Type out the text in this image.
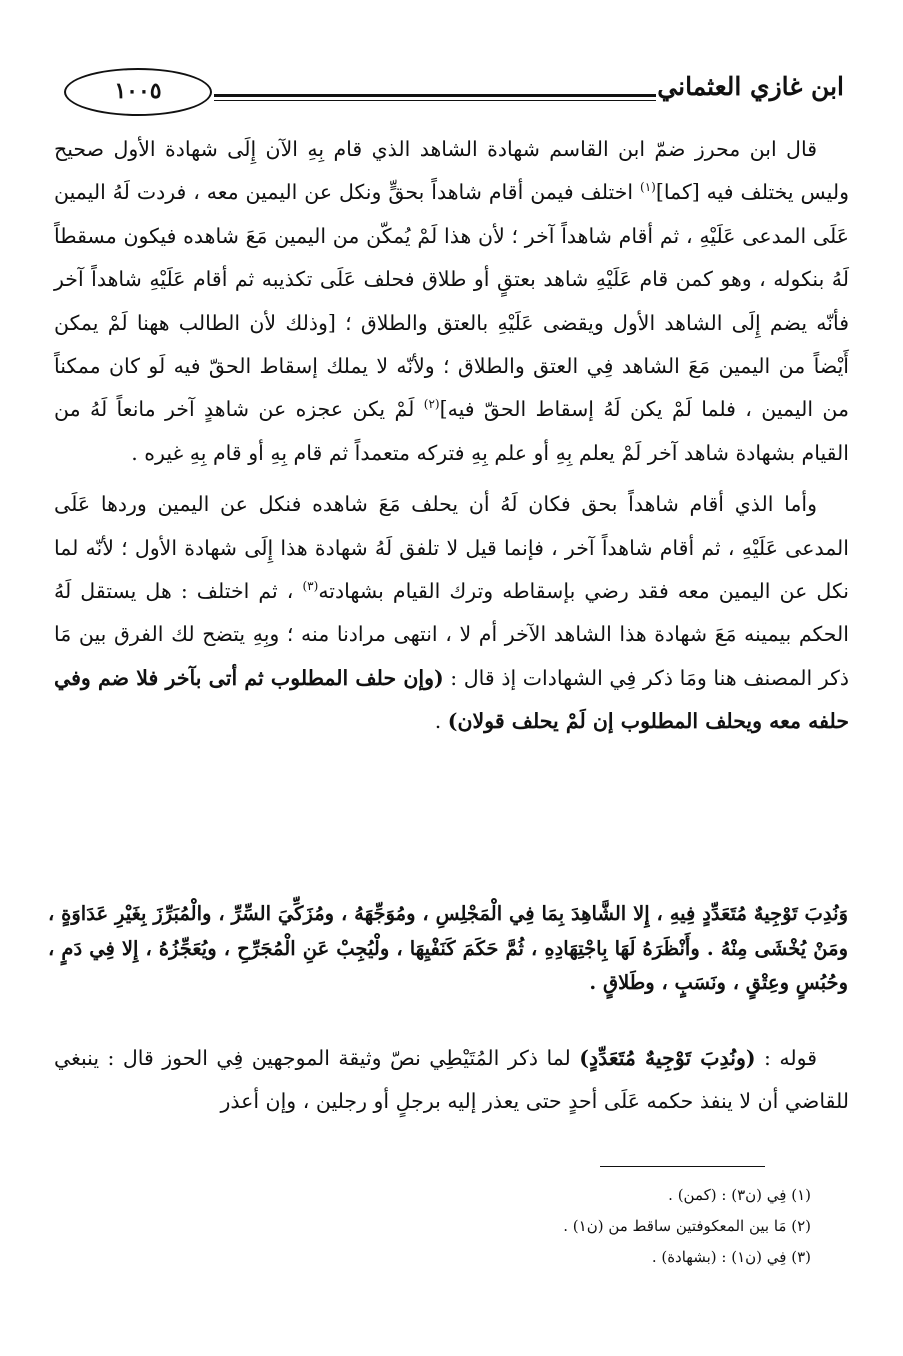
١٠٠٥	ابن غازي العثماني

قال ابن محرز ضمّ ابن القاسم شهادة الشاهد الذي قام بِهِ الآن إِلَى شهادة الأول صحيح وليس يختلف فيه [كما]$^{(١)}$ اختلف فيمن أقام شاهداً بحقٍّ ونكل عن اليمين معه ، فردت لَهُ اليمين عَلَى المدعى عَلَيْهِ ، ثم أقام شاهداً آخر ؛ لأن هذا لَمْ يُمكّن من اليمين مَعَ شاهده فيكون مسقطاً لَهُ بنكوله ، وهو كمن قام عَلَيْهِ شاهد بعتقٍ أو طلاق فحلف عَلَى تكذيبه ثم أقام عَلَيْهِ شاهداً آخر فأنّه يضم إِلَى الشاهد الأول ويقضى عَلَيْهِ بالعتق والطلاق ؛ [وذلك لأن الطالب ههنا لَمْ يمكن أَيْضاً من اليمين مَعَ الشاهد فِي العتق والطلاق ؛ ولأنّه لا يملك إسقاط الحقّ فيه لَو كان ممكناً من اليمين ، فلما لَمْ يكن لَهُ إسقاط الحقّ فيه]$^{(٢)}$ لَمْ يكن عجزه عن شاهدٍ آخر مانعاً لَهُ من القيام بشهادة شاهد آخر لَمْ يعلم بِهِ أو علم بِهِ فتركه متعمداً ثم قام بِهِ أو قام بِهِ غيره .

وأما الذي أقام شاهداً بحق فكان لَهُ أن يحلف مَعَ شاهده فنكل عن اليمين وردها عَلَى المدعى عَلَيْهِ ، ثم أقام شاهداً آخر ، فإنما قيل لا تلفق لَهُ شهادة هذا إِلَى شهادة الأول ؛ لأنّه لما نكل عن اليمين معه فقد رضي بإسقاطه وترك القيام بشهادته$^{(٣)}$ ، ثم اختلف : هل يستقل لَهُ الحكم بيمينه مَعَ شهادة هذا الشاهد الآخر أم لا ، انتهى مرادنا منه ؛ وبِهِ يتضح لك الفرق بين مَا ذكر المصنف هنا ومَا ذكر فِي الشهادات إذ قال : (وإن حلف المطلوب ثم أتى بآخر فلا ضم وفي حلفه معه ويحلف المطلوب إن لَمْ يحلف قولان) .

وَنُدِبَ تَوْجِيهٌ مُتَعَدِّدٍ فِيهِ ، إِلا الشَّاهِدَ بِمَا فِي الْمَجْلِسِ ، ومُوَجِّهَهُ ، ومُزَكِّيَ السِّرِّ ، والْمُبَرِّزَ بِغَيْرِ عَدَاوَةٍ ، ومَنْ يُخْشَى مِنْهُ . وأَنْظَرَهُ لَهَا بِاجْتِهَادِهِ ، ثُمَّ حَكَمَ كَنَفْيِهَا ، ولْيُجِبْ عَنِ الْمُجَرِّحِ ، ويُعَجِّزُهُ ، إِلا فِي دَمٍ ، وحُبُسٍ وعِتْقٍ ، ونَسَبٍ ، وطَلاقٍ .

قوله : (ونُدِبَ تَوْجِيهٌ مُتَعَدِّدٍ) لما ذكر المُتَيْطِي نصّ وثيقة الموجهين فِي الحوز قال : ينبغي للقاضي أن لا ينفذ حكمه عَلَى أحدٍ حتى يعذر إليه برجلٍ أو رجلين ، وإن أعذر

(١) فِي (ن٣) : (كمن) .
(٢) مَا بين المعكوفتين ساقط من (ن١) .
(٣) فِي (ن١) : (بشهادة) .
